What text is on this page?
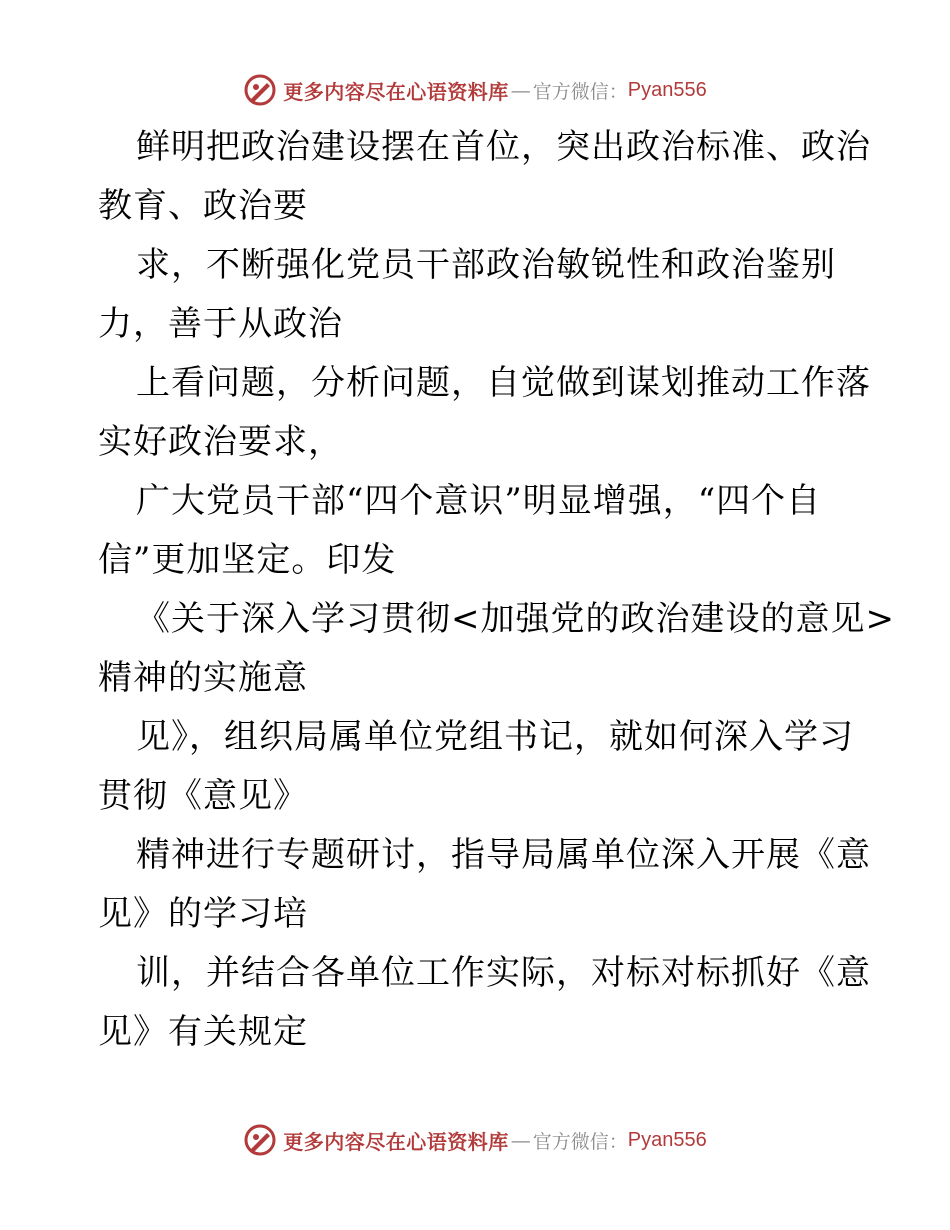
更多内容尽在心语资料库 — 官方微信： Pyan556
鲜明把政治建设摆在首位，突出政治标准、政治
教育、政治要
求，不断强化党员干部政治敏锐性和政治鉴别
力，善于从政治
上看问题，分析问题，自觉做到谋划推动工作落
实好政治要求，
广大党员干部“四个意识”明显增强，“四个自
信”更加坚定。印发
《关于深入学习贯彻<加强党的政治建设的意见>
精神的实施意
见》，组织局属单位党组书记，就如何深入学习
贯彻《意见》
精神进行专题研讨，指导局属单位深入开展《意
见》的学习培
训，并结合各单位工作实际，对标对标抓好《意
见》有关规定
更多内容尽在心语资料库 — 官方微信： Pyan556
